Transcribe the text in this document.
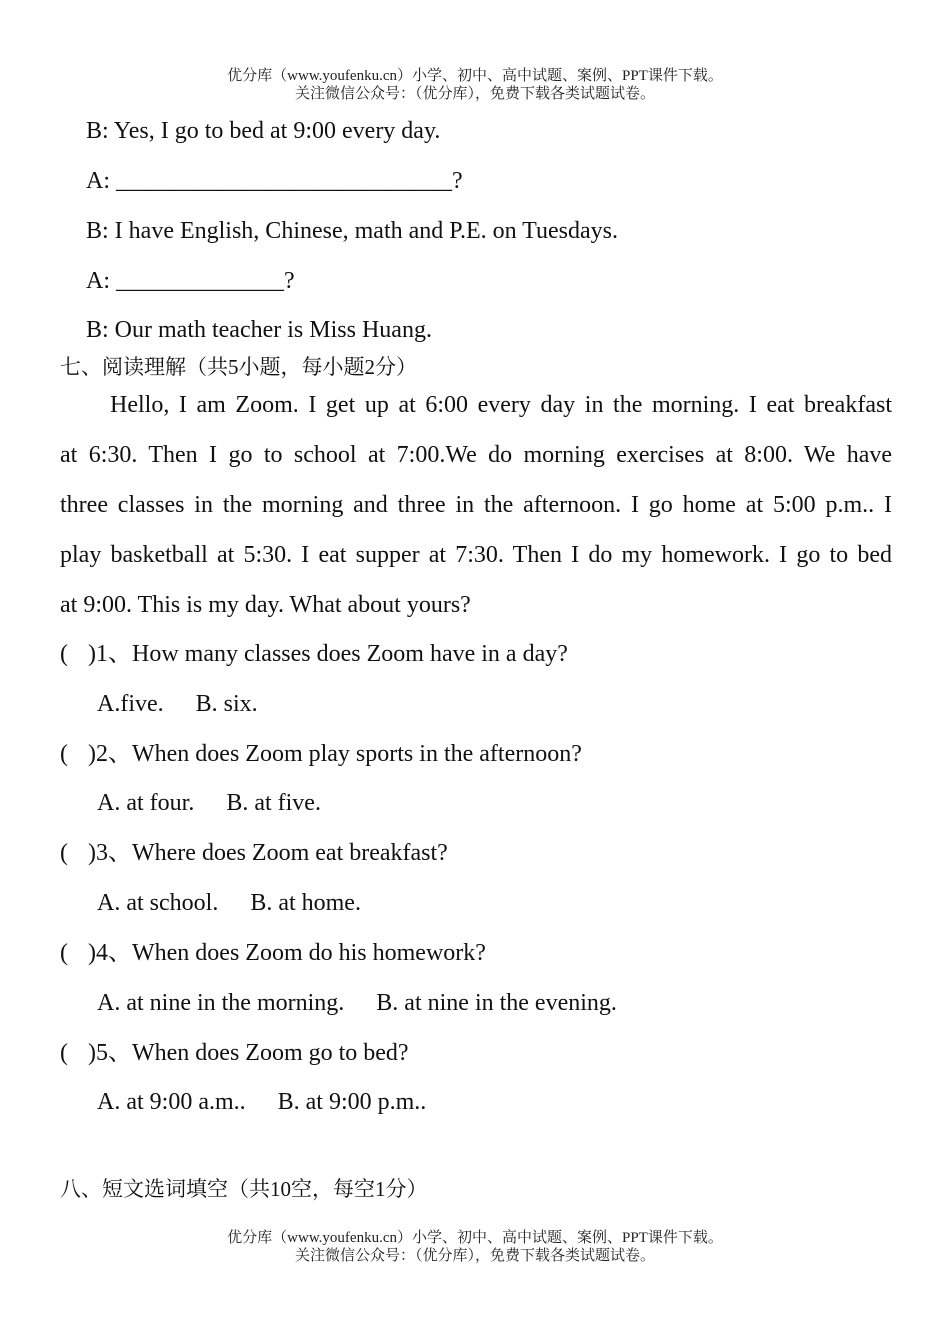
优分库（www.youfenku.cn）小学、初中、高中试题、案例、PPT课件下载。
关注微信公众号：（优分库），免费下载各类试题试卷。
B: Yes, I go to bed at 9:00 every day.
A: ____________________________?
B: I have English, Chinese, math and P.E. on Tuesdays.
A: ______________?
B: Our math teacher is Miss Huang.
七、阅读理解（共5小题，每小题2分）
Hello, I am Zoom. I get up at 6:00 every day in the morning. I eat breakfast
at 6:30. Then I go to school at 7:00.We do morning exercises at 8:00. We have
three classes in the morning and three in the afternoon. I go home at 5:00 p.m.. I
play basketball at 5:30. I eat supper at 7:30. Then I do my homework. I go to bed
at 9:00. This is my day. What about yours?
( )1、How many classes does Zoom have in a day?
A.five. B. six.
( )2、When does Zoom play sports in the afternoon?
A. at four. B. at five.
( )3、Where does Zoom eat breakfast?
A. at school. B. at home.
( )4、When does Zoom do his homework?
A. at nine in the morning. B. at nine in the evening.
( )5、When does Zoom go to bed?
A. at 9:00 a.m.. B. at 9:00 p.m..
八、短文选词填空（共10空，每空1分）
优分库（www.youfenku.cn）小学、初中、高中试题、案例、PPT课件下载。
关注微信公众号：（优分库），免费下载各类试题试卷。
